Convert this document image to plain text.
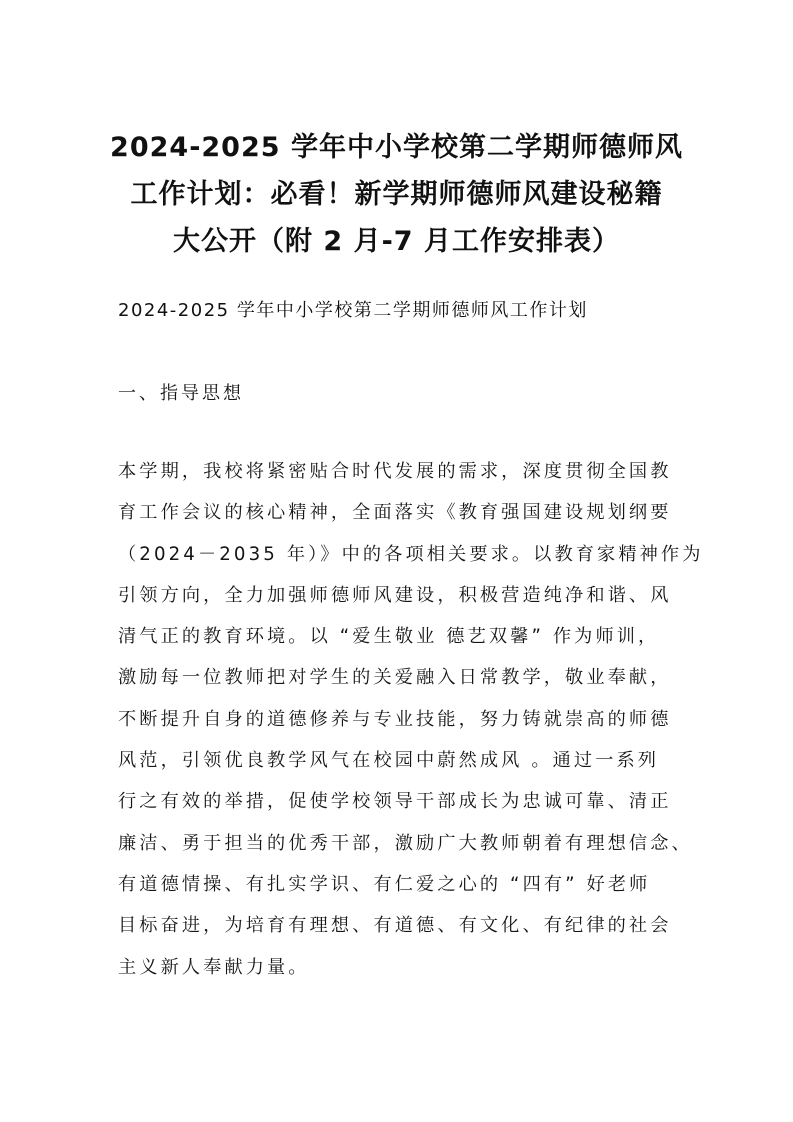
2024-2025 学年中小学校第二学期师德师风
工作计划：必看！新学期师德师风建设秘籍
大公开（附 2 月-7 月工作安排表）
2024-2025 学年中小学校第二学期师德师风工作计划
一、指导思想
本学期，我校将紧密贴合时代发展的需求，深度贯彻全国教
育工作会议的核心精神，全面落实《教育强国建设规划纲要
（2024－2035 年）》中的各项相关要求。以教育家精神作为
引领方向，全力加强师德师风建设，积极营造纯净和谐、风
清气正的教育环境。以 “爱生敬业 德艺双馨” 作为师训，
激励每一位教师把对学生的关爱融入日常教学，敬业奉献，
不断提升自身的道德修养与专业技能，努力铸就崇高的师德
风范，引领优良教学风气在校园中蔚然成风 。通过一系列
行之有效的举措，促使学校领导干部成长为忠诚可靠、清正
廉洁、勇于担当的优秀干部，激励广大教师朝着有理想信念、
有道德情操、有扎实学识、有仁爱之心的 “四有” 好老师
目标奋进，为培育有理想、有道德、有文化、有纪律的社会
主义新人奉献力量。
